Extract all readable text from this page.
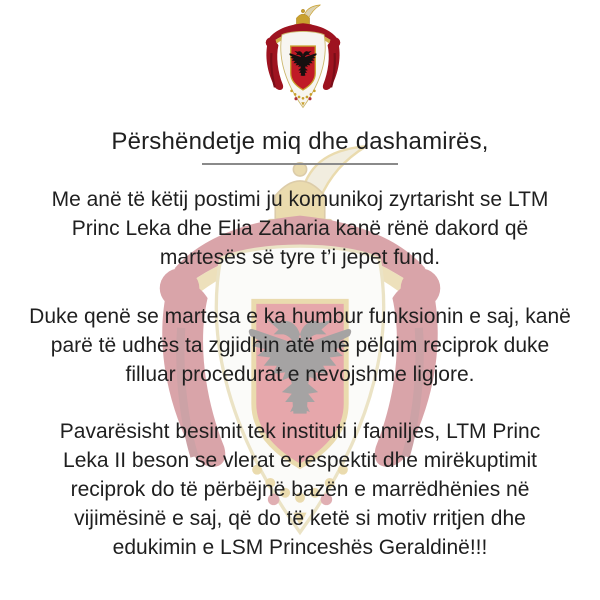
Përshëndetje miq dhe dashamirës,
Me anë të këtij postimi ju komunikoj zyrtarisht se LTM
Princ Leka dhe Elia Zaharia kanë rënë dakord që
martesës së tyre t’i jepet fund.
Duke qenë se martesa e ka humbur funksionin e saj, kanë
parë të udhës ta zgjidhin atë me pëlqim reciprok duke
filluar procedurat e nevojshme ligjore.
Pavarësisht besimit tek instituti i familjes, LTM Princ
Leka II beson se vlerat e respektit dhe mirëkuptimit
reciprok do të përbëjnë bazën e marrëdhënies në
vijimësinë e saj, që do të ketë si motiv rritjen dhe
edukimin e LSM Princeshës Geraldinë!!!
